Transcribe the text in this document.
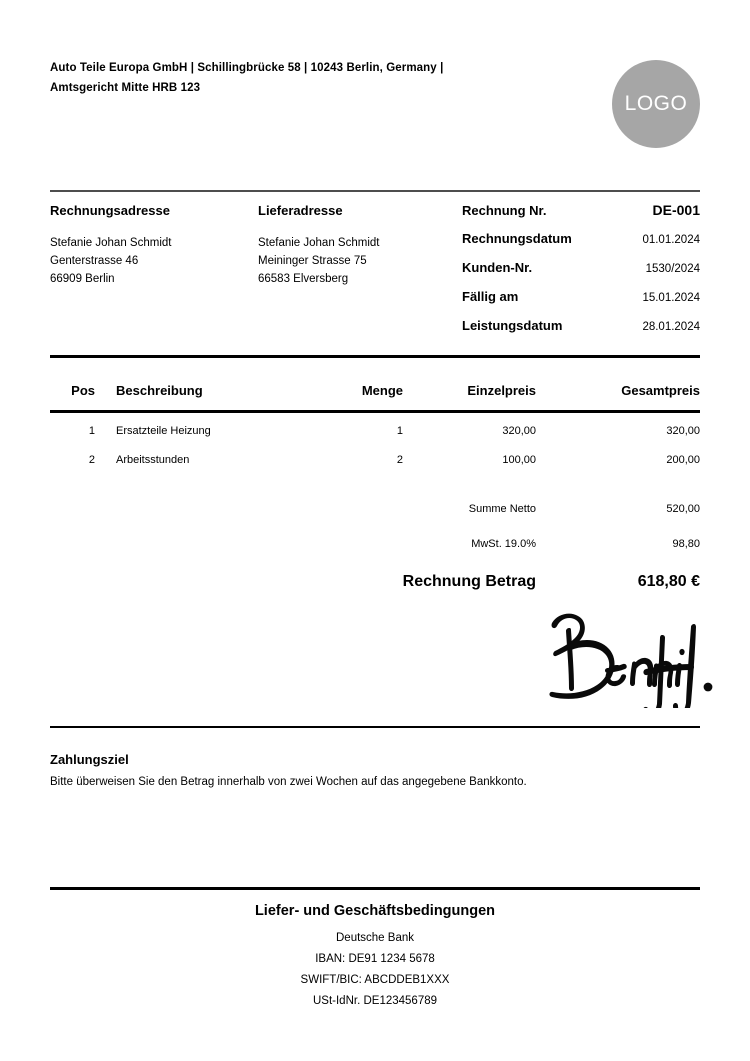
Auto Teile Europa GmbH | Schillingbrücke 58 | 10243 Berlin, Germany |
Amtsgericht Mitte HRB 123
LOGO
Rechnungsadresse
Stefanie Johan Schmidt
Genterstrasse 46
66909 Berlin
Lieferadresse
Stefanie Johan Schmidt
Meininger Strasse 75
66583 Elversberg
Rechnung Nr.	DE-001
Rechnungsdatum	01.01.2024
Kunden-Nr.	1530/2024
Fällig am	15.01.2024
Leistungsdatum	28.01.2024
Pos	Beschreibung	Menge	Einzelpreis	Gesamtpreis
1	Ersatzteile Heizung	1	320,00	320,00
2	Arbeitsstunden	2	100,00	200,00
Summe Netto	520,00
MwSt. 19.0%	98,80
Rechnung Betrag	618,80 €
Zahlungsziel
Bitte überweisen Sie den Betrag innerhalb von zwei Wochen auf das angegebene Bankkonto.
Liefer- und Geschäftsbedingungen
Deutsche Bank
IBAN: DE91 1234 5678
SWIFT/BIC: ABCDDEB1XXX
USt-IdNr. DE123456789
